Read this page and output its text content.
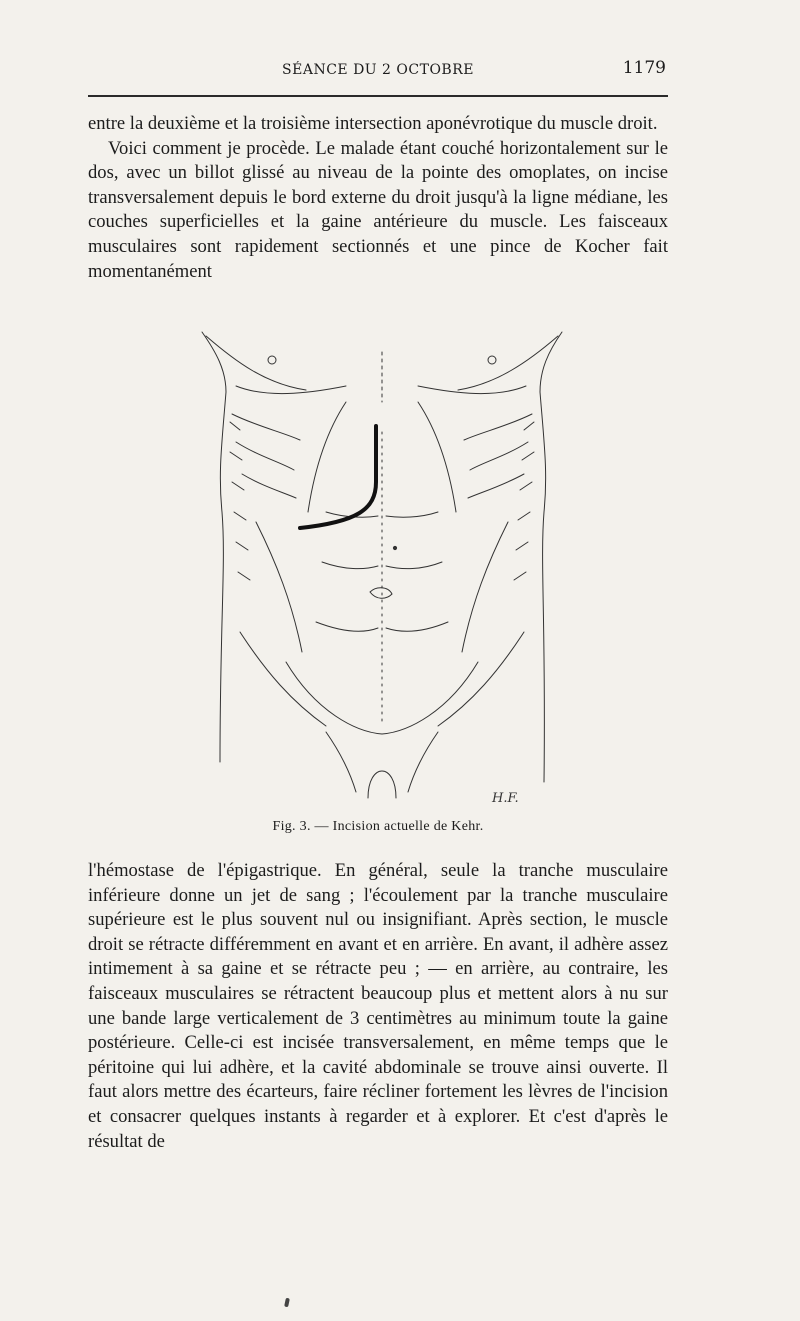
SÉANCE DU 2 OCTOBRE	1179

entre la deuxième et la troisième intersection aponévrotique du muscle droit.

Voici comment je procède. Le malade étant couché horizontalement sur le dos, avec un billot glissé au niveau de la pointe des omoplates, on incise transversalement depuis le bord externe du droit jusqu'à la ligne médiane, les couches superficielles et la gaine antérieure du muscle. Les faisceaux musculaires sont rapidement sectionnés et une pince de Kocher fait momentanément

H.F.
Fig. 3. — Incision actuelle de Kehr.

l'hémostase de l'épigastrique. En général, seule la tranche musculaire inférieure donne un jet de sang ; l'écoulement par la tranche musculaire supérieure est le plus souvent nul ou insignifiant. Après section, le muscle droit se rétracte différemment en avant et en arrière. En avant, il adhère assez intimement à sa gaine et se rétracte peu ; — en arrière, au contraire, les faisceaux musculaires se rétractent beaucoup plus et mettent alors à nu sur une bande large verticalement de 3 centimètres au minimum toute la gaine postérieure. Celle-ci est incisée transversalement, en même temps que le péritoine qui lui adhère, et la cavité abdominale se trouve ainsi ouverte. Il faut alors mettre des écarteurs, faire récliner fortement les lèvres de l'incision et consacrer quelques instants à regarder et à explorer. Et c'est d'après le résultat de
